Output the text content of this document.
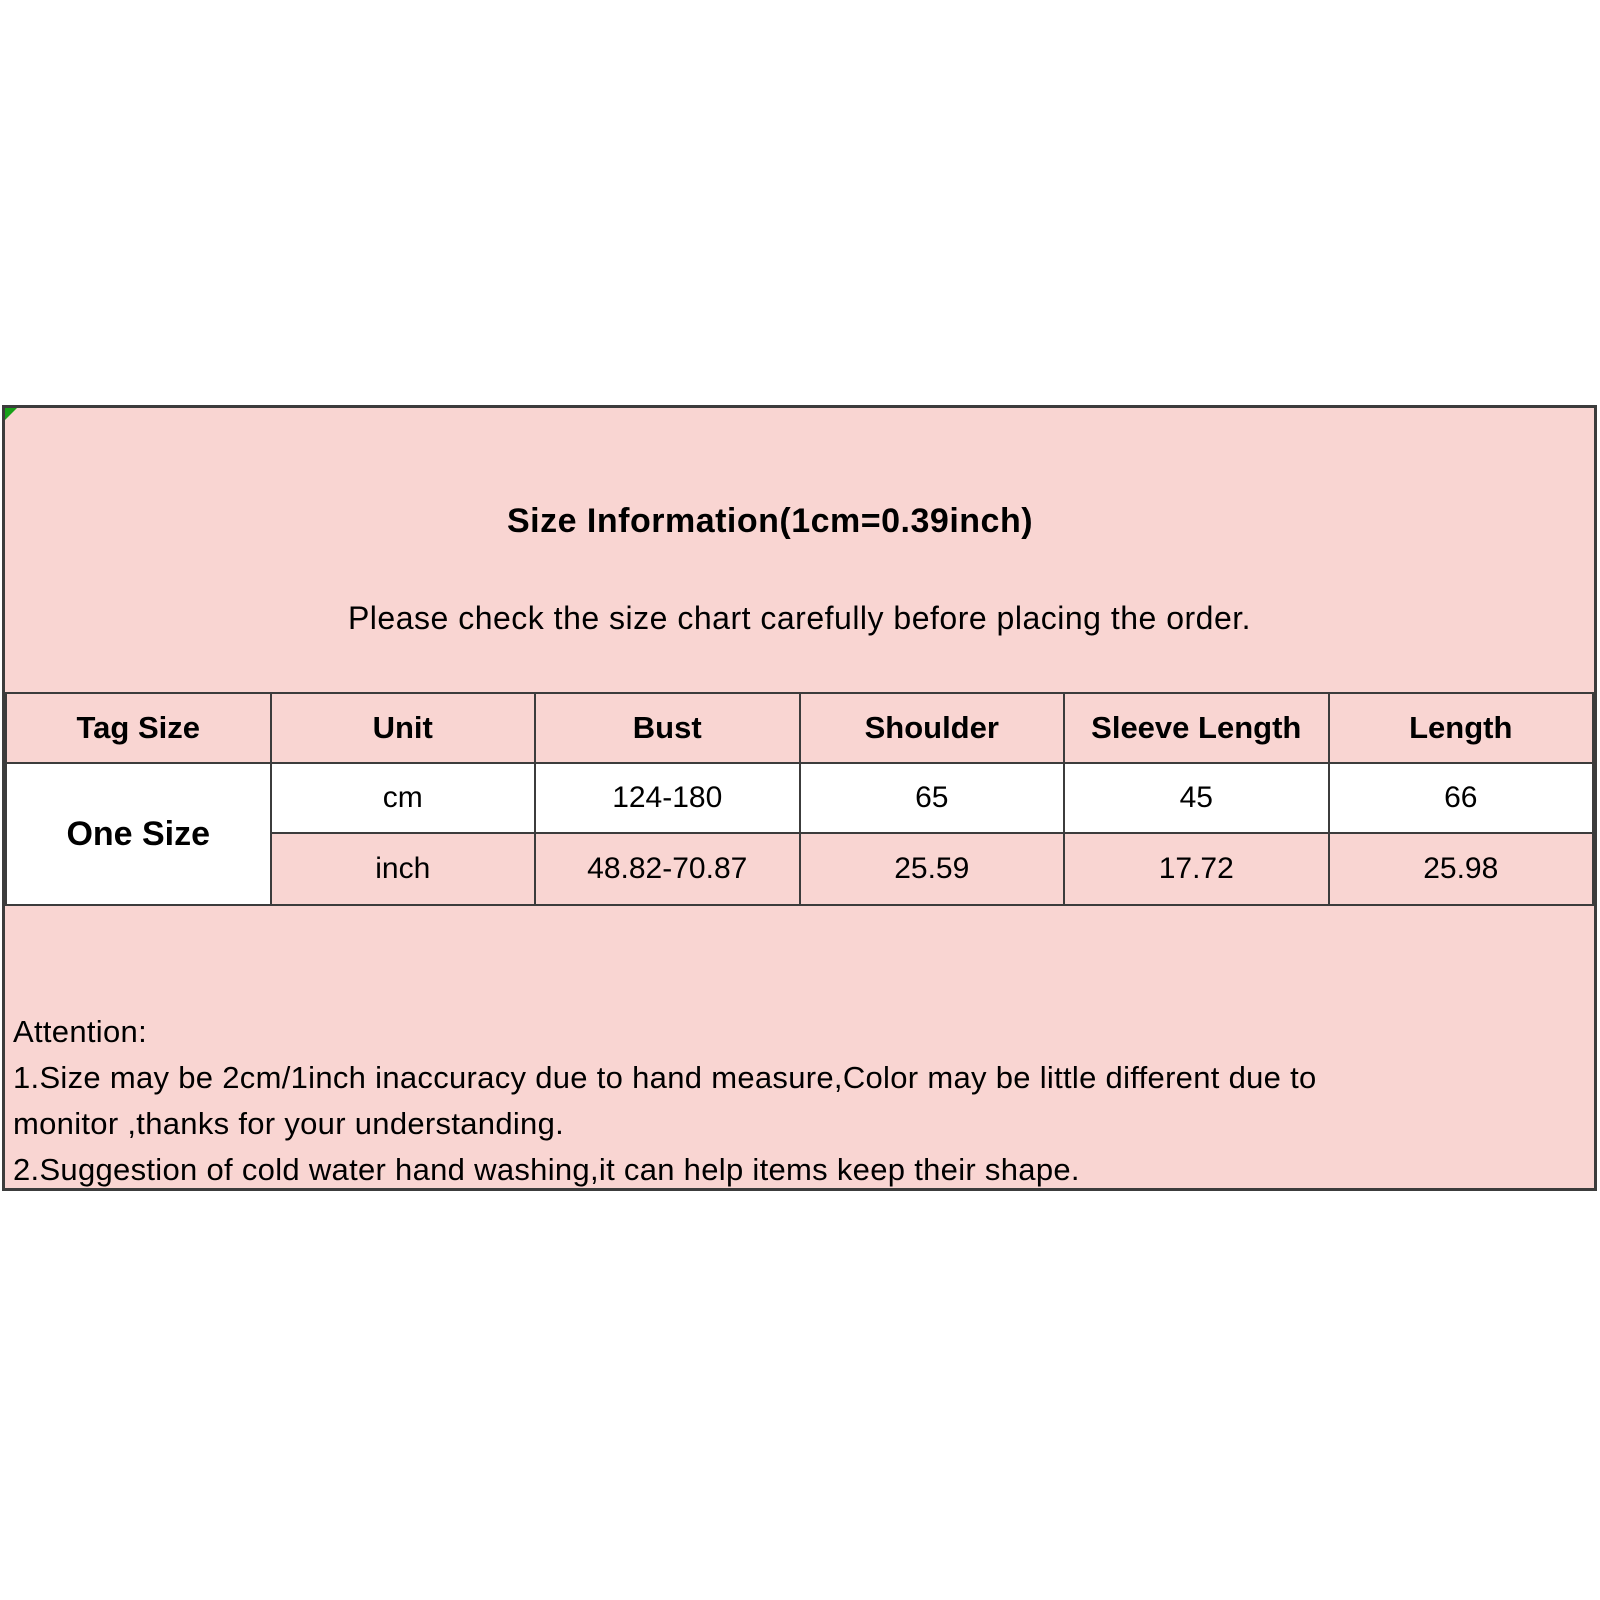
Size Information(1cm=0.39inch)
Please check the size chart carefully before placing the order.
Tag Size	Unit	Bust	Shoulder	Sleeve Length	Length
One Size	cm	124-180	65	45	66
	inch	48.82-70.87	25.59	17.72	25.98
Attention:
1.Size may be 2cm/1inch inaccuracy due to hand measure,Color may be little different due to
monitor ,thanks for your understanding.
2.Suggestion of cold water hand washing,it can help items keep their shape.
